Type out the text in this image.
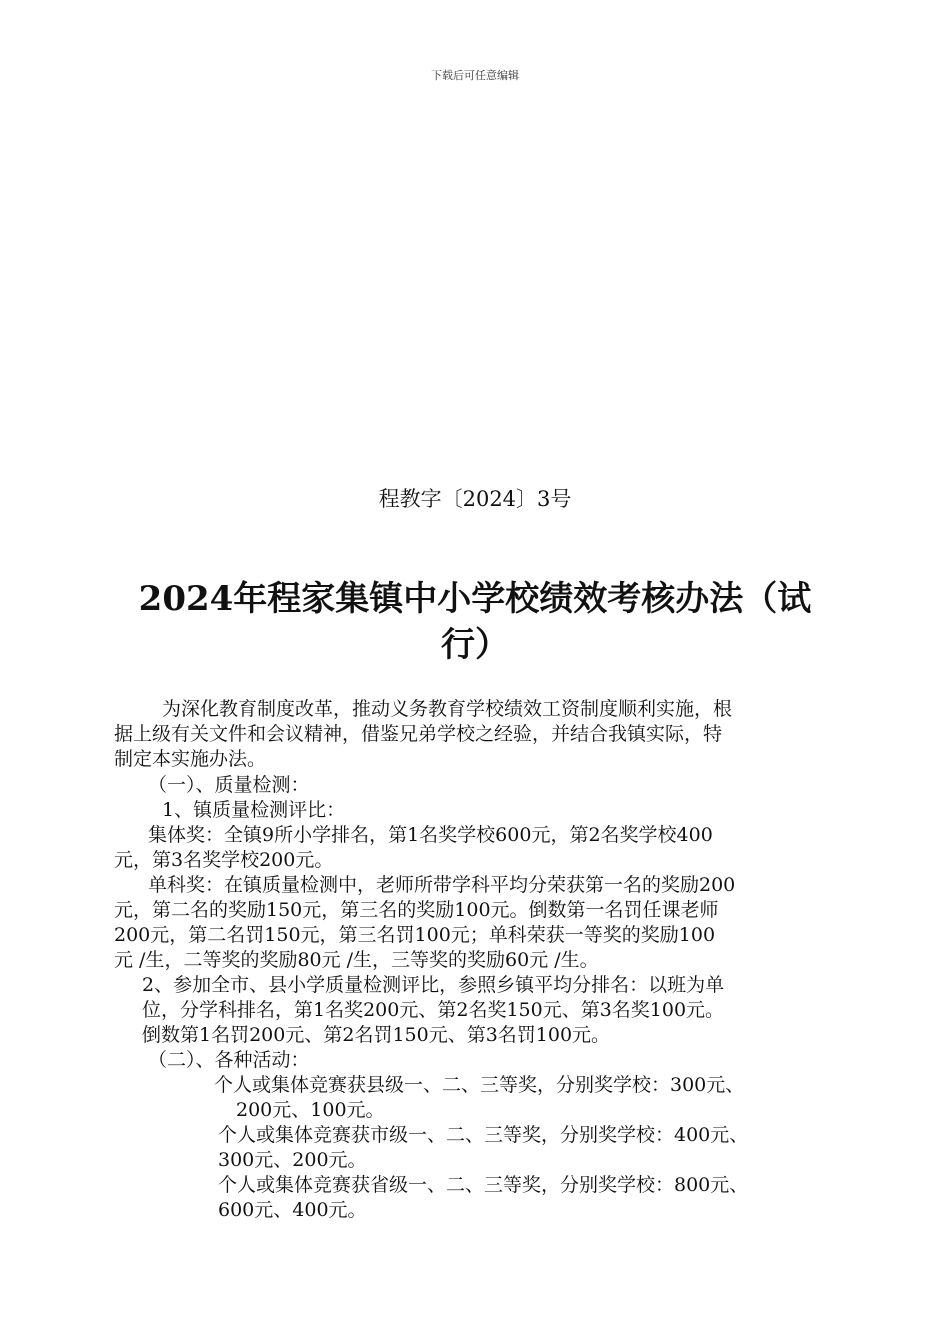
下载后可任意编辑
程教字〔2024〕3号
2024年程家集镇中小学校绩效考核办法（试
行）
为深化教育制度改革，推动义务教育学校绩效工资制度顺利实施，根
据上级有关文件和会议精神，借鉴兄弟学校之经验，并结合我镇实际，特
制定本实施办法。
（一）、质量检测：
1、镇质量检测评比：
集体奖：全镇9所小学排名，第1名奖学校600元，第2名奖学校400
元，第3名奖学校200元。
单科奖：在镇质量检测中，老师所带学科平均分荣获第一名的奖励200
元，第二名的奖励150元，第三名的奖励100元。倒数第一名罚任课老师
200元，第二名罚150元，第三名罚100元；单科荣获一等奖的奖励100
元 /生，二等奖的奖励80元 /生，三等奖的奖励60元 /生。
2、参加全市、县小学质量检测评比，参照乡镇平均分排名：以班为单
位，分学科排名，第1名奖200元、第2名奖150元、第3名奖100元。
倒数第1名罚200元、第2名罚150元、第3名罚100元。
（二）、各种活动：
个人或集体竞赛获县级一、二、三等奖，分别奖学校：300元、
200元、100元。
个人或集体竞赛获市级一、二、三等奖，分别奖学校：400元、
300元、200元。
个人或集体竞赛获省级一、二、三等奖，分别奖学校：800元、
600元、400元。
